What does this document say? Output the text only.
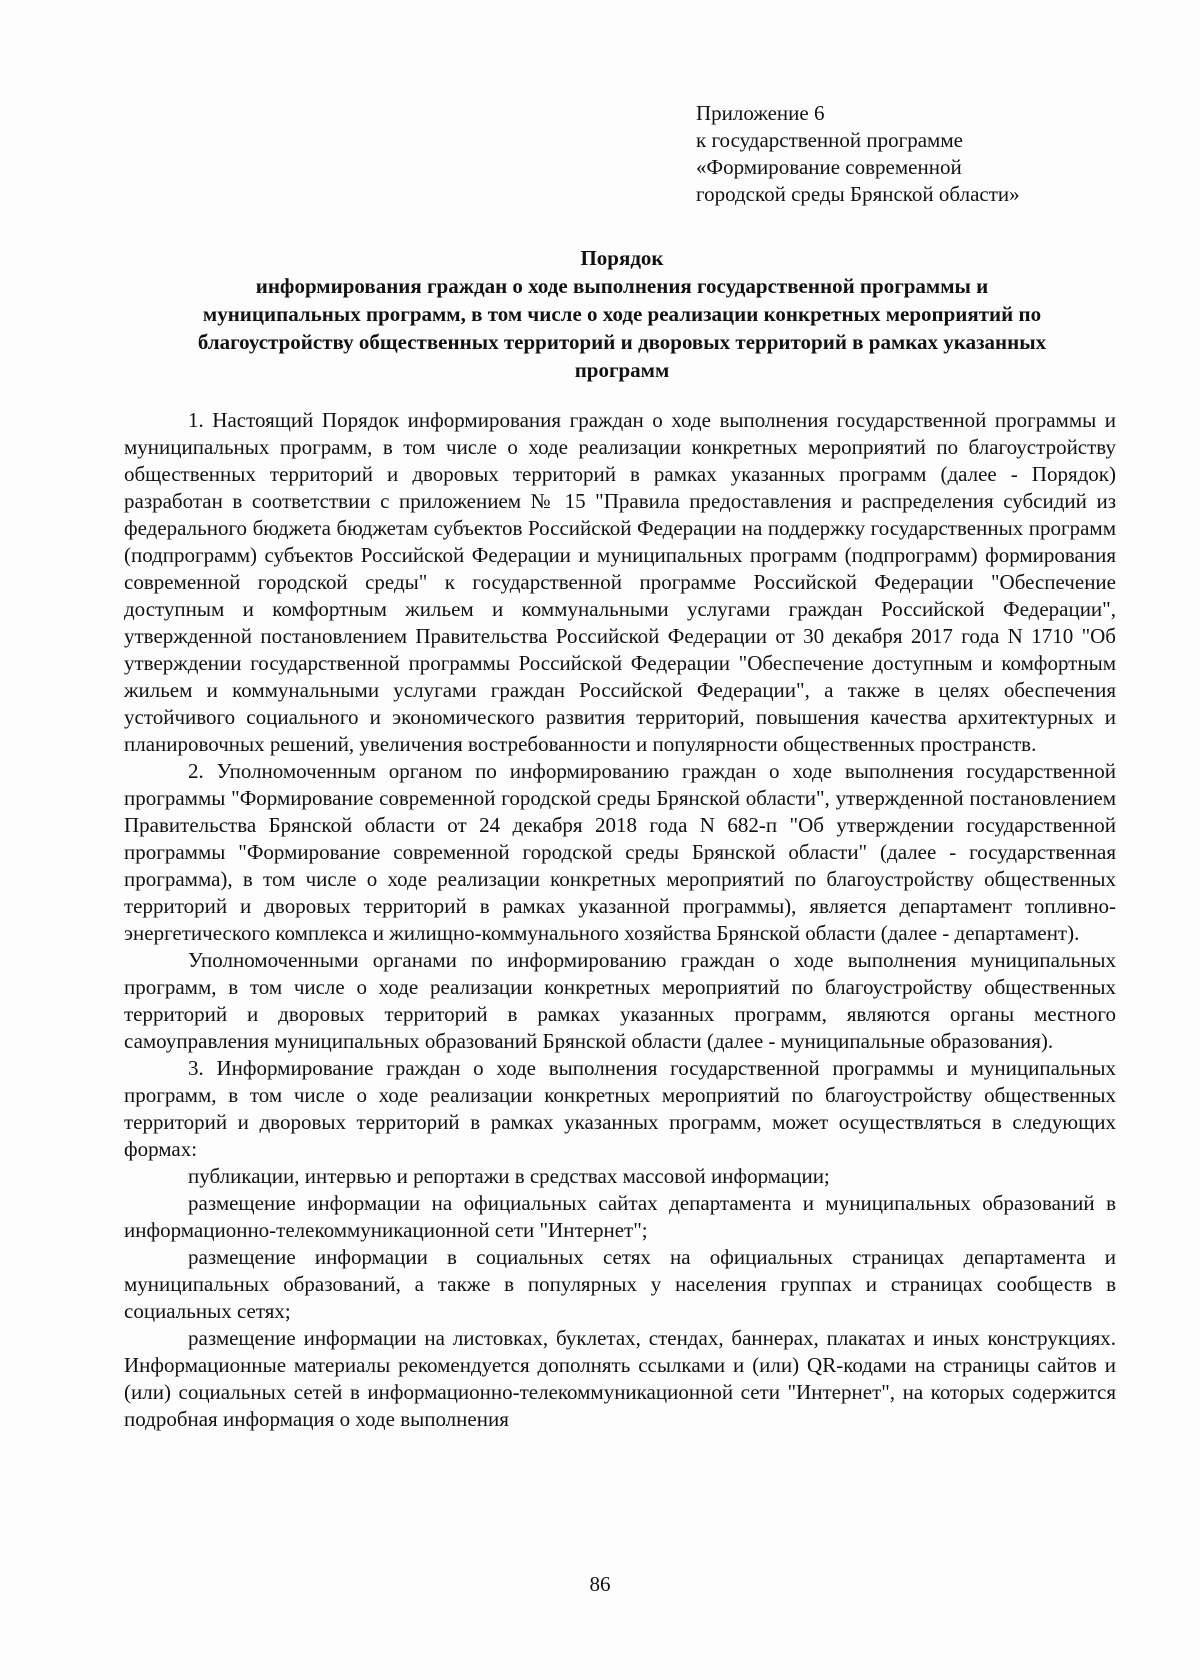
Приложение 6
к государственной программе
«Формирование современной
городской среды Брянской области»
Порядок
информирования граждан о ходе выполнения государственной программы и
муниципальных программ, в том числе о ходе реализации конкретных мероприятий по
благоустройству общественных территорий и дворовых территорий в рамках указанных
программ

1. Настоящий Порядок информирования граждан о ходе выполнения государственной программы и муниципальных программ, в том числе о ходе реализации конкретных мероприятий по благоустройству общественных территорий и дворовых территорий в рамках указанных программ (далее - Порядок) разработан в соответствии с приложением № 15 "Правила предоставления и распределения субсидий из федерального бюджета бюджетам субъектов Российской Федерации на поддержку государственных программ (подпрограмм) субъектов Российской Федерации и муниципальных программ (подпрограмм) формирования современной городской среды" к государственной программе Российской Федерации "Обеспечение доступным и комфортным жильем и коммунальными услугами граждан Российской Федерации", утвержденной постановлением Правительства Российской Федерации от 30 декабря 2017 года N 1710 "Об утверждении государственной программы Российской Федерации "Обеспечение доступным и комфортным жильем и коммунальными услугами граждан Российской Федерации", а также в целях обеспечения устойчивого социального и экономического развития территорий, повышения качества архитектурных и планировочных решений, увеличения востребованности и популярности общественных пространств.

2. Уполномоченным органом по информированию граждан о ходе выполнения государственной программы "Формирование современной городской среды Брянской области", утвержденной постановлением Правительства Брянской области от 24 декабря 2018 года N 682-п "Об утверждении государственной программы "Формирование современной городской среды Брянской области" (далее - государственная программа), в том числе о ходе реализации конкретных мероприятий по благоустройству общественных территорий и дворовых территорий в рамках указанной программы), является департамент топливно-энергетического комплекса и жилищно-коммунального хозяйства Брянской области (далее - департамент).

Уполномоченными органами по информированию граждан о ходе выполнения муниципальных программ, в том числе о ходе реализации конкретных мероприятий по благоустройству общественных территорий и дворовых территорий в рамках указанных программ, являются органы местного самоуправления муниципальных образований Брянской области (далее - муниципальные образования).

3. Информирование граждан о ходе выполнения государственной программы и муниципальных программ, в том числе о ходе реализации конкретных мероприятий по благоустройству общественных территорий и дворовых территорий в рамках указанных программ, может осуществляться в следующих формах:

публикации, интервью и репортажи в средствах массовой информации;

размещение информации на официальных сайтах департамента и муниципальных образований в информационно-телекоммуникационной сети "Интернет";

размещение информации в социальных сетях на официальных страницах департамента и муниципальных образований, а также в популярных у населения группах и страницах сообществ в социальных сетях;

размещение информации на листовках, буклетах, стендах, баннерах, плакатах и иных конструкциях. Информационные материалы рекомендуется дополнять ссылками и (или) QR-кодами на страницы сайтов и (или) социальных сетей в информационно-телекоммуникационной сети "Интернет", на которых содержится подробная информация о ходе выполнения

86
